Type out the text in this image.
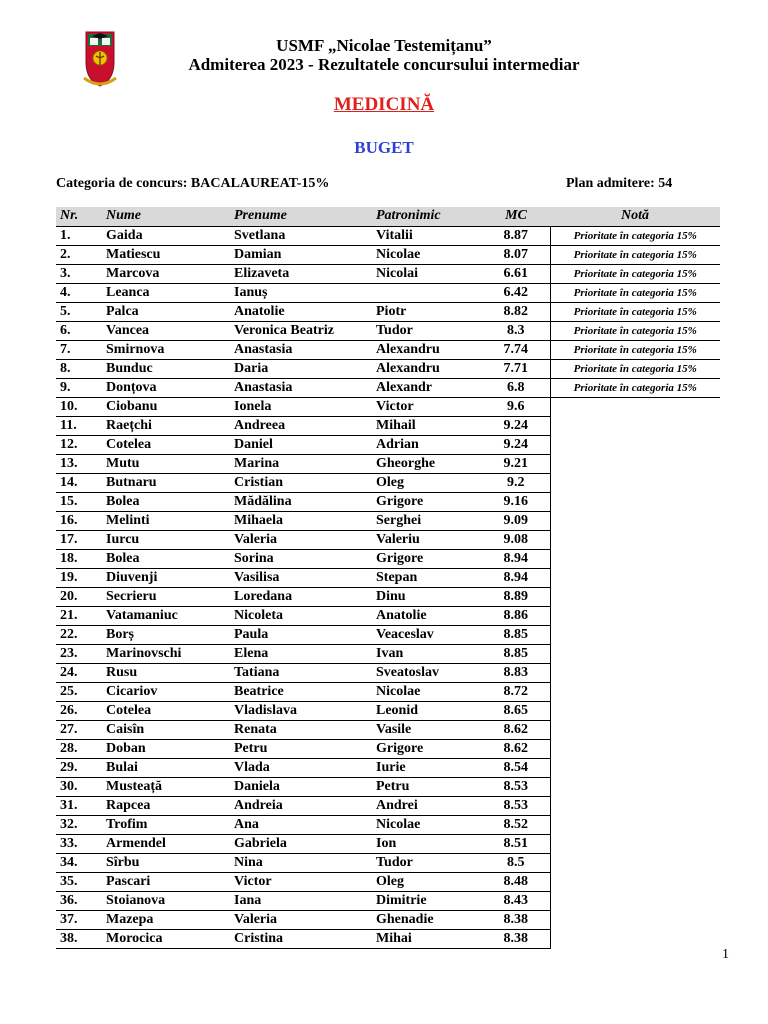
USMF „Nicolae Testemițanu”
Admiterea 2023 - Rezultatele concursului intermediar
MEDICINĂ
BUGET
Categoria de concurs: BACALAUREAT-15%	Plan admitere: 54
Nr.	Nume	Prenume	Patronimic	MC	Notă
1.	Gaida	Svetlana	Vitalii	8.87	Prioritate în categoria 15%
2.	Matiescu	Damian	Nicolae	8.07	Prioritate în categoria 15%
3.	Marcova	Elizaveta	Nicolai	6.61	Prioritate în categoria 15%
4.	Leanca	Ianuș		6.42	Prioritate în categoria 15%
5.	Palca	Anatolie	Piotr	8.82	Prioritate în categoria 15%
6.	Vancea	Veronica Beatriz	Tudor	8.3	Prioritate în categoria 15%
7.	Smirnova	Anastasia	Alexandru	7.74	Prioritate în categoria 15%
8.	Bunduc	Daria	Alexandru	7.71	Prioritate în categoria 15%
9.	Donțova	Anastasia	Alexandr	6.8	Prioritate în categoria 15%
10.	Ciobanu	Ionela	Victor	9.6	
11.	Raețchi	Andreea	Mihail	9.24	
12.	Cotelea	Daniel	Adrian	9.24	
13.	Mutu	Marina	Gheorghe	9.21	
14.	Butnaru	Cristian	Oleg	9.2	
15.	Bolea	Mădălina	Grigore	9.16	
16.	Melinti	Mihaela	Serghei	9.09	
17.	Iurcu	Valeria	Valeriu	9.08	
18.	Bolea	Sorina	Grigore	8.94	
19.	Diuvenji	Vasilisa	Stepan	8.94	
20.	Secrieru	Loredana	Dinu	8.89	
21.	Vatamaniuc	Nicoleta	Anatolie	8.86	
22.	Borș	Paula	Veaceslav	8.85	
23.	Marinovschi	Elena	Ivan	8.85	
24.	Rusu	Tatiana	Sveatoslav	8.83	
25.	Cicariov	Beatrice	Nicolae	8.72	
26.	Cotelea	Vladislava	Leonid	8.65	
27.	Caisîn	Renata	Vasile	8.62	
28.	Doban	Petru	Grigore	8.62	
29.	Bulai	Vlada	Iurie	8.54	
30.	Musteață	Daniela	Petru	8.53	
31.	Rapcea	Andreia	Andrei	8.53	
32.	Trofim	Ana	Nicolae	8.52	
33.	Armendel	Gabriela	Ion	8.51	
34.	Sîrbu	Nina	Tudor	8.5	
35.	Pascari	Victor	Oleg	8.48	
36.	Stoianova	Iana	Dimitrie	8.43	
37.	Mazepa	Valeria	Ghenadie	8.38	
38.	Morocica	Cristina	Mihai	8.38	
1
